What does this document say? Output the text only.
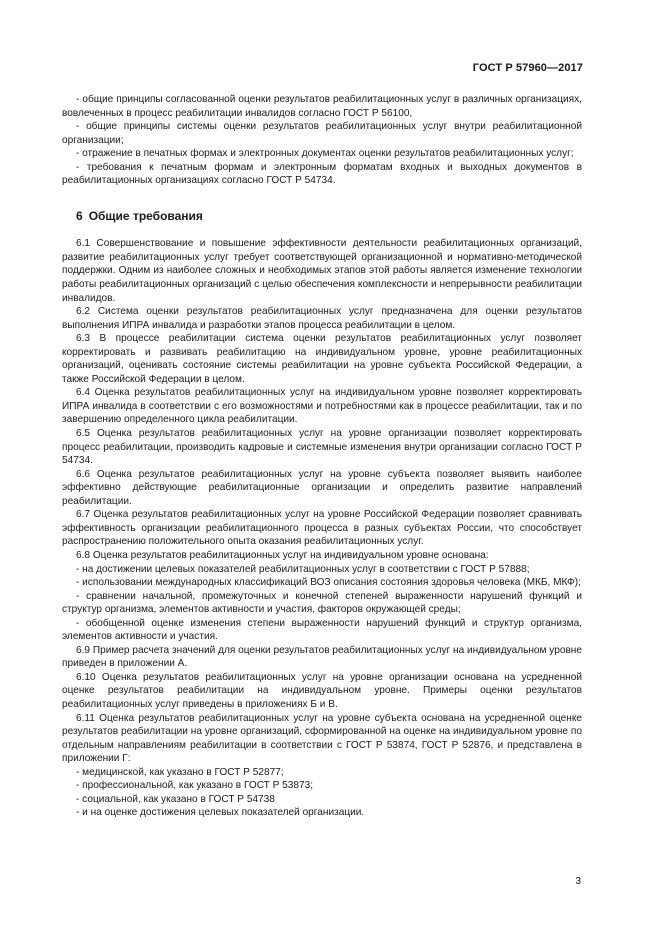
ГОСТ Р 57960—2017

- общие принципы согласованной оценки результатов реабилитационных услуг в различных организациях, вовлеченных в процесс реабилитации инвалидов согласно ГОСТ Р 56100,

- общие принципы системы оценки результатов реабилитационных услуг внутри реабилитационной организации;

- отражение в печатных формах и электронных документах оценки результатов реабилитационных услуг;

- требования к печатным формам и электронным форматам входных и выходных документов в реабилитационных организациях согласно ГОСТ Р 54734.

6 Общие требования

6.1 Совершенствование и повышение эффективности деятельности реабилитационных организаций, развитие реабилитационных услуг требует соответствующей организационной и нормативно-методической поддержки. Одним из наиболее сложных и необходимых этапов этой работы является изменение технологии работы реабилитационных организаций с целью обеспечения комплексности и непрерывности реабилитации инвалидов.

6.2 Система оценки результатов реабилитационных услуг предназначена для оценки результатов выполнения ИПРА инвалида и разработки этапов процесса реабилитации в целом.

6.3 В процессе реабилитации система оценки результатов реабилитационных услуг позволяет корректировать и развивать реабилитацию на индивидуальном уровне, уровне реабилитационных организаций, оценивать состояние системы реабилитации на уровне субъекта Российской Федерации, а также Российской Федерации в целом.

6.4 Оценка результатов реабилитационных услуг на индивидуальном уровне позволяет корректировать ИПРА инвалида в соответствии с его возможностями и потребностями как в процессе реабилитации, так и по завершению определенного цикла реабилитации.

6.5 Оценка результатов реабилитационных услуг на уровне организации позволяет корректировать процесс реабилитации, производить кадровые и системные изменения внутри организации согласно ГОСТ Р 54734.

6.6 Оценка результатов реабилитационных услуг на уровне субъекта позволяет выявить наиболее эффективно действующие реабилитационные организации и определить развитие направлений реабилитации.

6.7 Оценка результатов реабилитационных услуг на уровне Российской Федерации позволяет сравнивать эффективность организации реабилитационного процесса в разных субъектах России, что способствует распространению положительного опыта оказания реабилитационных услуг.

6.8 Оценка результатов реабилитационных услуг на индивидуальном уровне основана:

- на достижении целевых показателей реабилитационных услуг в соответствии с ГОСТ Р 57888;

- использовании международных классификаций ВОЗ описания состояния здоровья человека (МКБ, МКФ);

- сравнении начальной, промежуточных и конечной степеней выраженности нарушений функций и структур организма, элементов активности и участия, факторов окружающей среды;

- обобщенной оценке изменения степени выраженности нарушений функций и структур организма, элементов активности и участия.

6.9 Пример расчета значений для оценки результатов реабилитационных услуг на индивидуальном уровне приведен в приложении А.

6.10 Оценка результатов реабилитационных услуг на уровне организации основана на усредненной оценке результатов реабилитации на индивидуальном уровне. Примеры оценки результатов реабилитационных услуг приведены в приложениях Б и В.

6.11 Оценка результатов реабилитационных услуг на уровне субъекта основана на усредненной оценке результатов реабилитации на уровне организаций, сформированной на оценке на индивидуальном уровне по отдельным направлениям реабилитации в соответствии с ГОСТ Р 53874, ГОСТ Р 52876, и представлена в приложении Г:

- медицинской, как указано в ГОСТ Р 52877;

- профессиональной, как указано в ГОСТ Р 53873;

- социальной, как указано в ГОСТ Р 54738

- и на оценке достижения целевых показателей организации.

3
